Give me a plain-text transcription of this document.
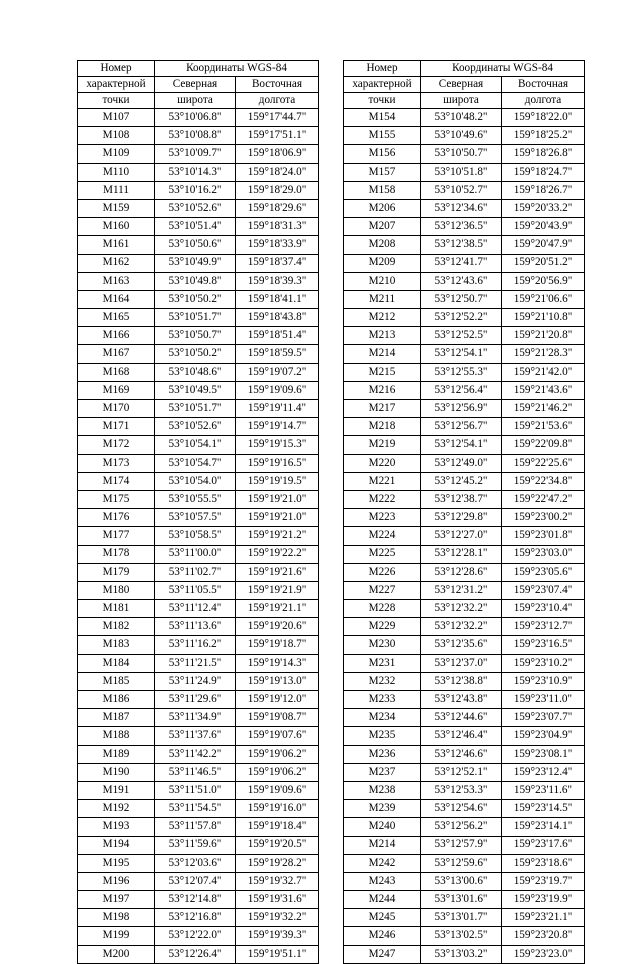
Номер	Координаты WGS-84	
характерной	Северная	Восточная
точки	широта	долгота
M107	53°10'06.8"	159°17'44.7"
M108	53°10'08.8"	159°17'51.1"
M109	53°10'09.7"	159°18'06.9"
M110	53°10'14.3"	159°18'24.0"
M111	53°10'16.2"	159°18'29.0"
M159	53°10'52.6"	159°18'29.6"
M160	53°10'51.4"	159°18'31.3"
M161	53°10'50.6"	159°18'33.9"
M162	53°10'49.9"	159°18'37.4"
M163	53°10'49.8"	159°18'39.3"
M164	53°10'50.2"	159°18'41.1"
M165	53°10'51.7"	159°18'43.8"
M166	53°10'50.7"	159°18'51.4"
M167	53°10'50.2"	159°18'59.5"
M168	53°10'48.6"	159°19'07.2"
M169	53°10'49.5"	159°19'09.6"
M170	53°10'51.7"	159°19'11.4"
M171	53°10'52.6"	159°19'14.7"
M172	53°10'54.1"	159°19'15.3"
M173	53°10'54.7"	159°19'16.5"
M174	53°10'54.0"	159°19'19.5"
M175	53°10'55.5"	159°19'21.0"
M176	53°10'57.5"	159°19'21.0"
M177	53°10'58.5"	159°19'21.2"
M178	53°11'00.0"	159°19'22.2"
M179	53°11'02.7"	159°19'21.6"
M180	53°11'05.5"	159°19'21.9"
M181	53°11'12.4"	159°19'21.1"
M182	53°11'13.6"	159°19'20.6"
M183	53°11'16.2"	159°19'18.7"
M184	53°11'21.5"	159°19'14.3"
M185	53°11'24.9"	159°19'13.0"
M186	53°11'29.6"	159°19'12.0"
M187	53°11'34.9"	159°19'08.7"
M188	53°11'37.6"	159°19'07.6"
M189	53°11'42.2"	159°19'06.2"
M190	53°11'46.5"	159°19'06.2"
M191	53°11'51.0"	159°19'09.6"
M192	53°11'54.5"	159°19'16.0"
M193	53°11'57.8"	159°19'18.4"
M194	53°11'59.6"	159°19'20.5"
M195	53°12'03.6"	159°19'28.2"
M196	53°12'07.4"	159°19'32.7"
M197	53°12'14.8"	159°19'31.6"
M198	53°12'16.8"	159°19'32.2"
M199	53°12'22.0"	159°19'39.3"
M200	53°12'26.4"	159°19'51.1"
Номер	Координаты WGS-84	
характерной	Северная	Восточная
точки	широта	долгота
M154	53°10'48.2"	159°18'22.0"
M155	53°10'49.6"	159°18'25.2"
M156	53°10'50.7"	159°18'26.8"
M157	53°10'51.8"	159°18'24.7"
M158	53°10'52.7"	159°18'26.7"
M206	53°12'34.6"	159°20'33.2"
M207	53°12'36.5"	159°20'43.9"
M208	53°12'38.5"	159°20'47.9"
M209	53°12'41.7"	159°20'51.2"
M210	53°12'43.6"	159°20'56.9"
M211	53°12'50.7"	159°21'06.6"
M212	53°12'52.2"	159°21'10.8"
M213	53°12'52.5"	159°21'20.8"
M214	53°12'54.1"	159°21'28.3"
M215	53°12'55.3"	159°21'42.0"
M216	53°12'56.4"	159°21'43.6"
M217	53°12'56.9"	159°21'46.2"
M218	53°12'56.7"	159°21'53.6"
M219	53°12'54.1"	159°22'09.8"
M220	53°12'49.0"	159°22'25.6"
M221	53°12'45.2"	159°22'34.8"
M222	53°12'38.7"	159°22'47.2"
M223	53°12'29.8"	159°23'00.2"
M224	53°12'27.0"	159°23'01.8"
M225	53°12'28.1"	159°23'03.0"
M226	53°12'28.6"	159°23'05.6"
M227	53°12'31.2"	159°23'07.4"
M228	53°12'32.2"	159°23'10.4"
M229	53°12'32.2"	159°23'12.7"
M230	53°12'35.6"	159°23'16.5"
M231	53°12'37.0"	159°23'10.2"
M232	53°12'38.8"	159°23'10.9"
M233	53°12'43.8"	159°23'11.0"
M234	53°12'44.6"	159°23'07.7"
M235	53°12'46.4"	159°23'04.9"
M236	53°12'46.6"	159°23'08.1"
M237	53°12'52.1"	159°23'12.4"
M238	53°12'53.3"	159°23'11.6"
M239	53°12'54.6"	159°23'14.5"
M240	53°12'56.2"	159°23'14.1"
M214	53°12'57.9"	159°23'17.6"
M242	53°12'59.6"	159°23'18.6"
M243	53°13'00.6"	159°23'19.7"
M244	53°13'01.6"	159°23'19.9"
M245	53°13'01.7"	159°23'21.1"
M246	53°13'02.5"	159°23'20.8"
M247	53°13'03.2"	159°23'23.0"
